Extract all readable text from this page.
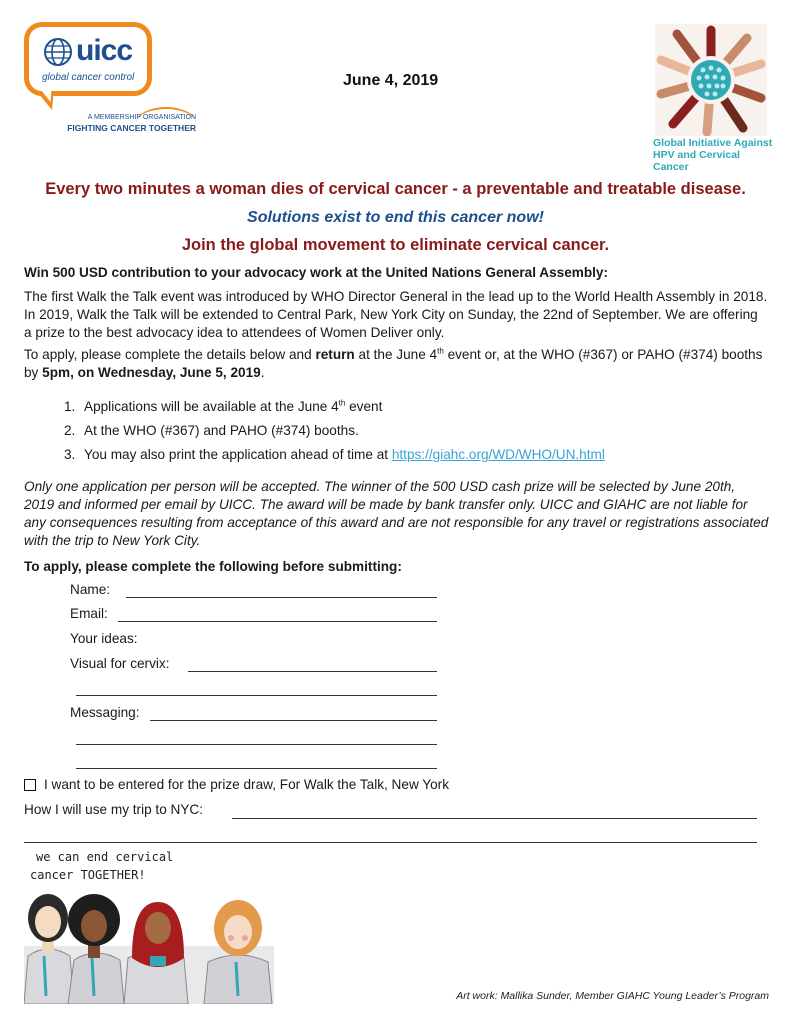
uicc
global cancer control
A MEMBERSHIP ORGANISATION
FIGHTING CANCER TOGETHER
June 4, 2019
Global Initiative Against
HPV and Cervical Cancer
Every two minutes a woman dies of cervical cancer - a preventable and treatable disease.
Solutions exist to end this cancer now!
Join the global movement to eliminate cervical cancer.
Win 500 USD contribution to your advocacy work at the United Nations General Assembly:
The first Walk the Talk event was introduced by WHO Director General in the lead up to the World Health Assembly in 2018. In 2019, Walk the Talk will be extended to Central Park, New York City on Sunday, the 22nd of September. We are offering a prize to the best advocacy idea to attendees of Women Deliver only.
To apply, please complete the details below and return at the June 4th event or, at the WHO (#367) or PAHO (#374) booths by 5pm, on Wednesday, June 5, 2019.
1. Applications will be available at the June 4th event
2. At the WHO (#367) and PAHO (#374) booths.
3. You may also print the application ahead of time at https://giahc.org/WD/WHO/UN.html
Only one application per person will be accepted. The winner of the 500 USD cash prize will be selected by June 20th, 2019 and informed per email by UICC. The award will be made by bank transfer only. UICC and GIAHC are not liable for any consequences resulting from acceptance of this award and are not responsible for any travel or registrations associated with the trip to New York City.
To apply, please complete the following before submitting:
Name:
Email:
Your ideas:
Visual for cervix:
Messaging:
I want to be entered for the prize draw, For Walk the Talk, New York
How I will use my trip to NYC:
we can end cervical
cancer TOGETHER!
Art work: Mallika Sunder, Member GIAHC Young Leader’s Program
